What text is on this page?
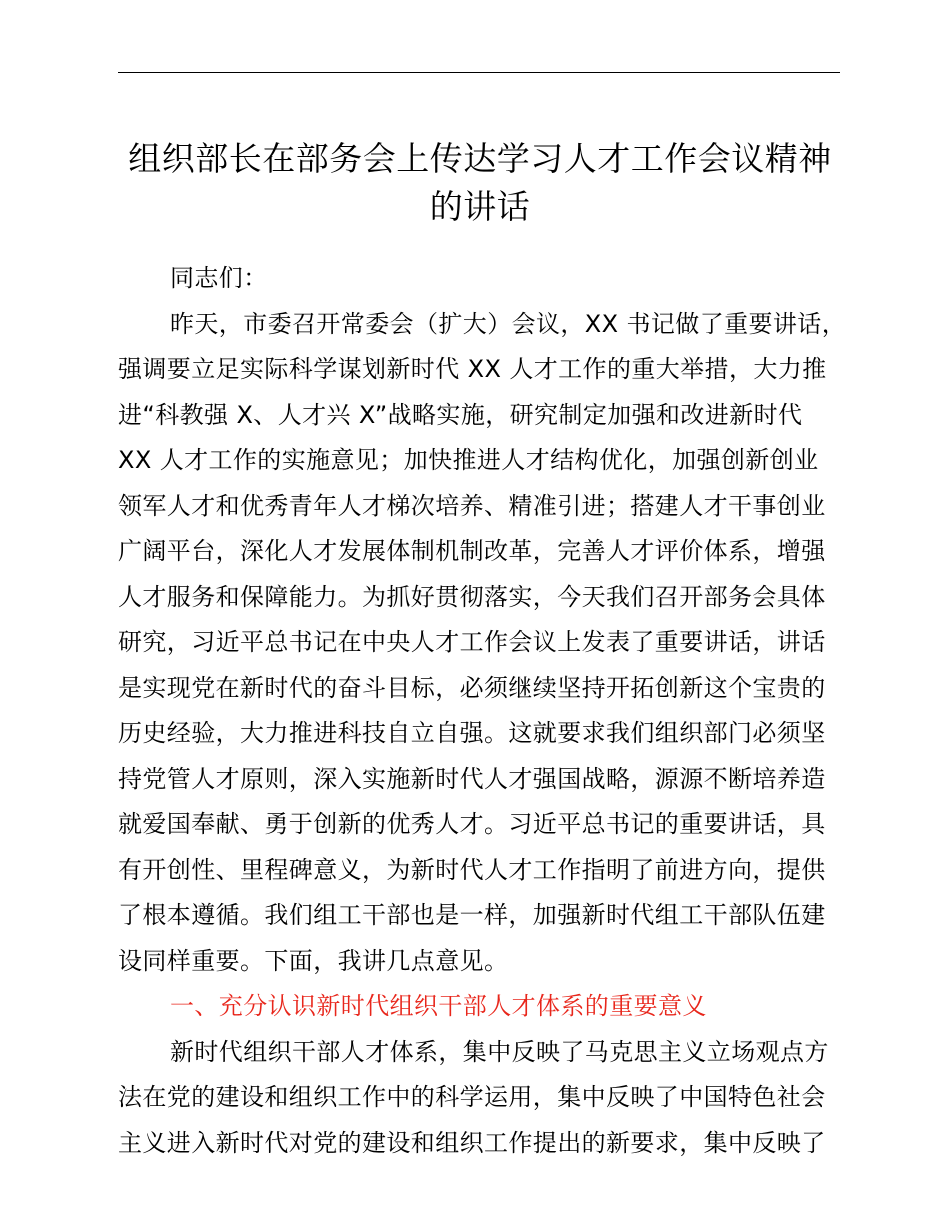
组织部长在部务会上传达学习人才工作会议精神
的讲话
同志们：
昨天，市委召开常委会（扩大）会议，XX 书记做了重要讲话，
强调要立足实际科学谋划新时代 XX 人才工作的重大举措，大力推
进“科教强 X、人才兴 X”战略实施，研究制定加强和改进新时代
XX 人才工作的实施意见；加快推进人才结构优化，加强创新创业
领军人才和优秀青年人才梯次培养、精准引进；搭建人才干事创业
广阔平台，深化人才发展体制机制改革，完善人才评价体系，增强
人才服务和保障能力。为抓好贯彻落实，今天我们召开部务会具体
研究，习近平总书记在中央人才工作会议上发表了重要讲话，讲话
是实现党在新时代的奋斗目标，必须继续坚持开拓创新这个宝贵的
历史经验，大力推进科技自立自强。这就要求我们组织部门必须坚
持党管人才原则，深入实施新时代人才强国战略，源源不断培养造
就爱国奉献、勇于创新的优秀人才。习近平总书记的重要讲话，具
有开创性、里程碑意义，为新时代人才工作指明了前进方向，提供
了根本遵循。我们组工干部也是一样，加强新时代组工干部队伍建
设同样重要。下面，我讲几点意见。
一、充分认识新时代组织干部人才体系的重要意义
新时代组织干部人才体系，集中反映了马克思主义立场观点方
法在党的建设和组织工作中的科学运用，集中反映了中国特色社会
主义进入新时代对党的建设和组织工作提出的新要求，集中反映了
